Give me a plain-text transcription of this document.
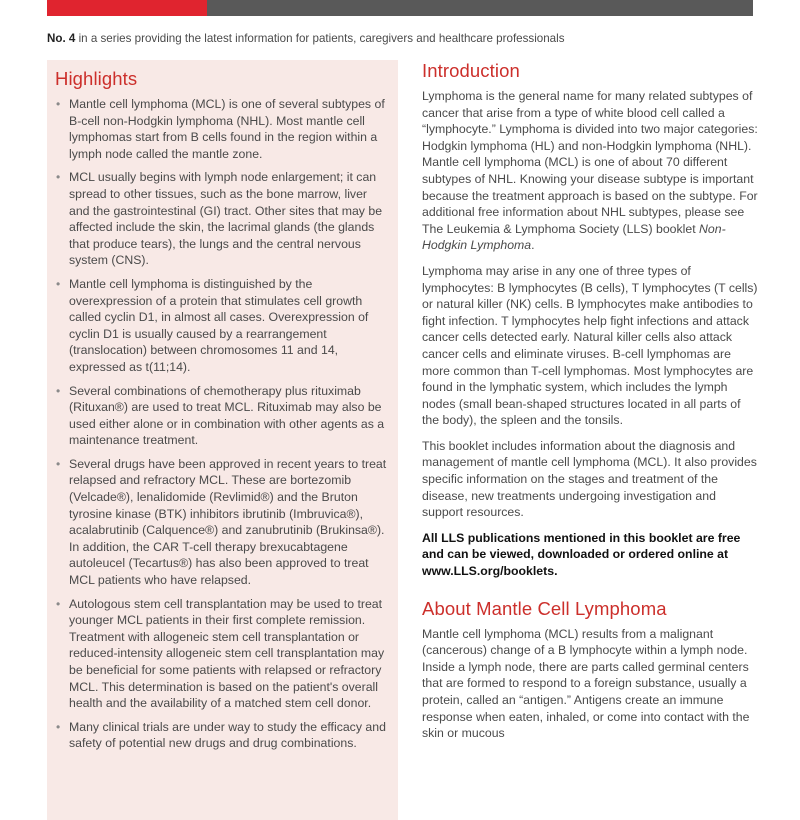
No. 4 in a series providing the latest information for patients, caregivers and healthcare professionals
Highlights
• Mantle cell lymphoma (MCL) is one of several subtypes of B-cell non-Hodgkin lymphoma (NHL). Most mantle cell lymphomas start from B cells found in the region within a lymph node called the mantle zone.
• MCL usually begins with lymph node enlargement; it can spread to other tissues, such as the bone marrow, liver and the gastrointestinal (GI) tract. Other sites that may be affected include the skin, the lacrimal glands (the glands that produce tears), the lungs and the central nervous system (CNS).
• Mantle cell lymphoma is distinguished by the overexpression of a protein that stimulates cell growth called cyclin D1, in almost all cases. Overexpression of cyclin D1 is usually caused by a rearrangement (translocation) between chromosomes 11 and 14, expressed as t(11;14).
• Several combinations of chemotherapy plus rituximab (Rituxan®) are used to treat MCL. Rituximab may also be used either alone or in combination with other agents as a maintenance treatment.
• Several drugs have been approved in recent years to treat relapsed and refractory MCL. These are bortezomib (Velcade®), lenalidomide (Revlimid®) and the Bruton tyrosine kinase (BTK) inhibitors ibrutinib (Imbruvica®), acalabrutinib (Calquence®) and zanubrutinib (Brukinsa®). In addition, the CAR T-cell therapy brexucabtagene autoleucel (Tecartus®) has also been approved to treat MCL patients who have relapsed.
• Autologous stem cell transplantation may be used to treat younger MCL patients in their first complete remission. Treatment with allogeneic stem cell transplantation or reduced-intensity allogeneic stem cell transplantation may be beneficial for some patients with relapsed or refractory MCL. This determination is based on the patient's overall health and the availability of a matched stem cell donor.
• Many clinical trials are under way to study the efficacy and safety of potential new drugs and drug combinations.
Introduction

Lymphoma is the general name for many related subtypes of cancer that arise from a type of white blood cell called a “lymphocyte.” Lymphoma is divided into two major categories: Hodgkin lymphoma (HL) and non-Hodgkin lymphoma (NHL). Mantle cell lymphoma (MCL) is one of about 70 different subtypes of NHL. Knowing your disease subtype is important because the treatment approach is based on the subtype. For additional free information about NHL subtypes, please see The Leukemia & Lymphoma Society (LLS) booklet Non-Hodgkin Lymphoma.

Lymphoma may arise in any one of three types of lymphocytes: B lymphocytes (B cells), T lymphocytes (T cells) or natural killer (NK) cells. B lymphocytes make antibodies to fight infection. T lymphocytes help fight infections and attack cancer cells detected early. Natural killer cells also attack cancer cells and eliminate viruses. B-cell lymphomas are more common than T-cell lymphomas. Most lymphocytes are found in the lymphatic system, which includes the lymph nodes (small bean-shaped structures located in all parts of the body), the spleen and the tonsils.

This booklet includes information about the diagnosis and management of mantle cell lymphoma (MCL). It also provides specific information on the stages and treatment of the disease, new treatments undergoing investigation and support resources.

All LLS publications mentioned in this booklet are free and can be viewed, downloaded or ordered online at www.LLS.org/booklets.

About Mantle Cell Lymphoma

Mantle cell lymphoma (MCL) results from a malignant (cancerous) change of a B lymphocyte within a lymph node. Inside a lymph node, there are parts called germinal centers that are formed to respond to a foreign substance, usually a protein, called an “antigen.” Antigens create an immune response when eaten, inhaled, or come into contact with the skin or mucous
